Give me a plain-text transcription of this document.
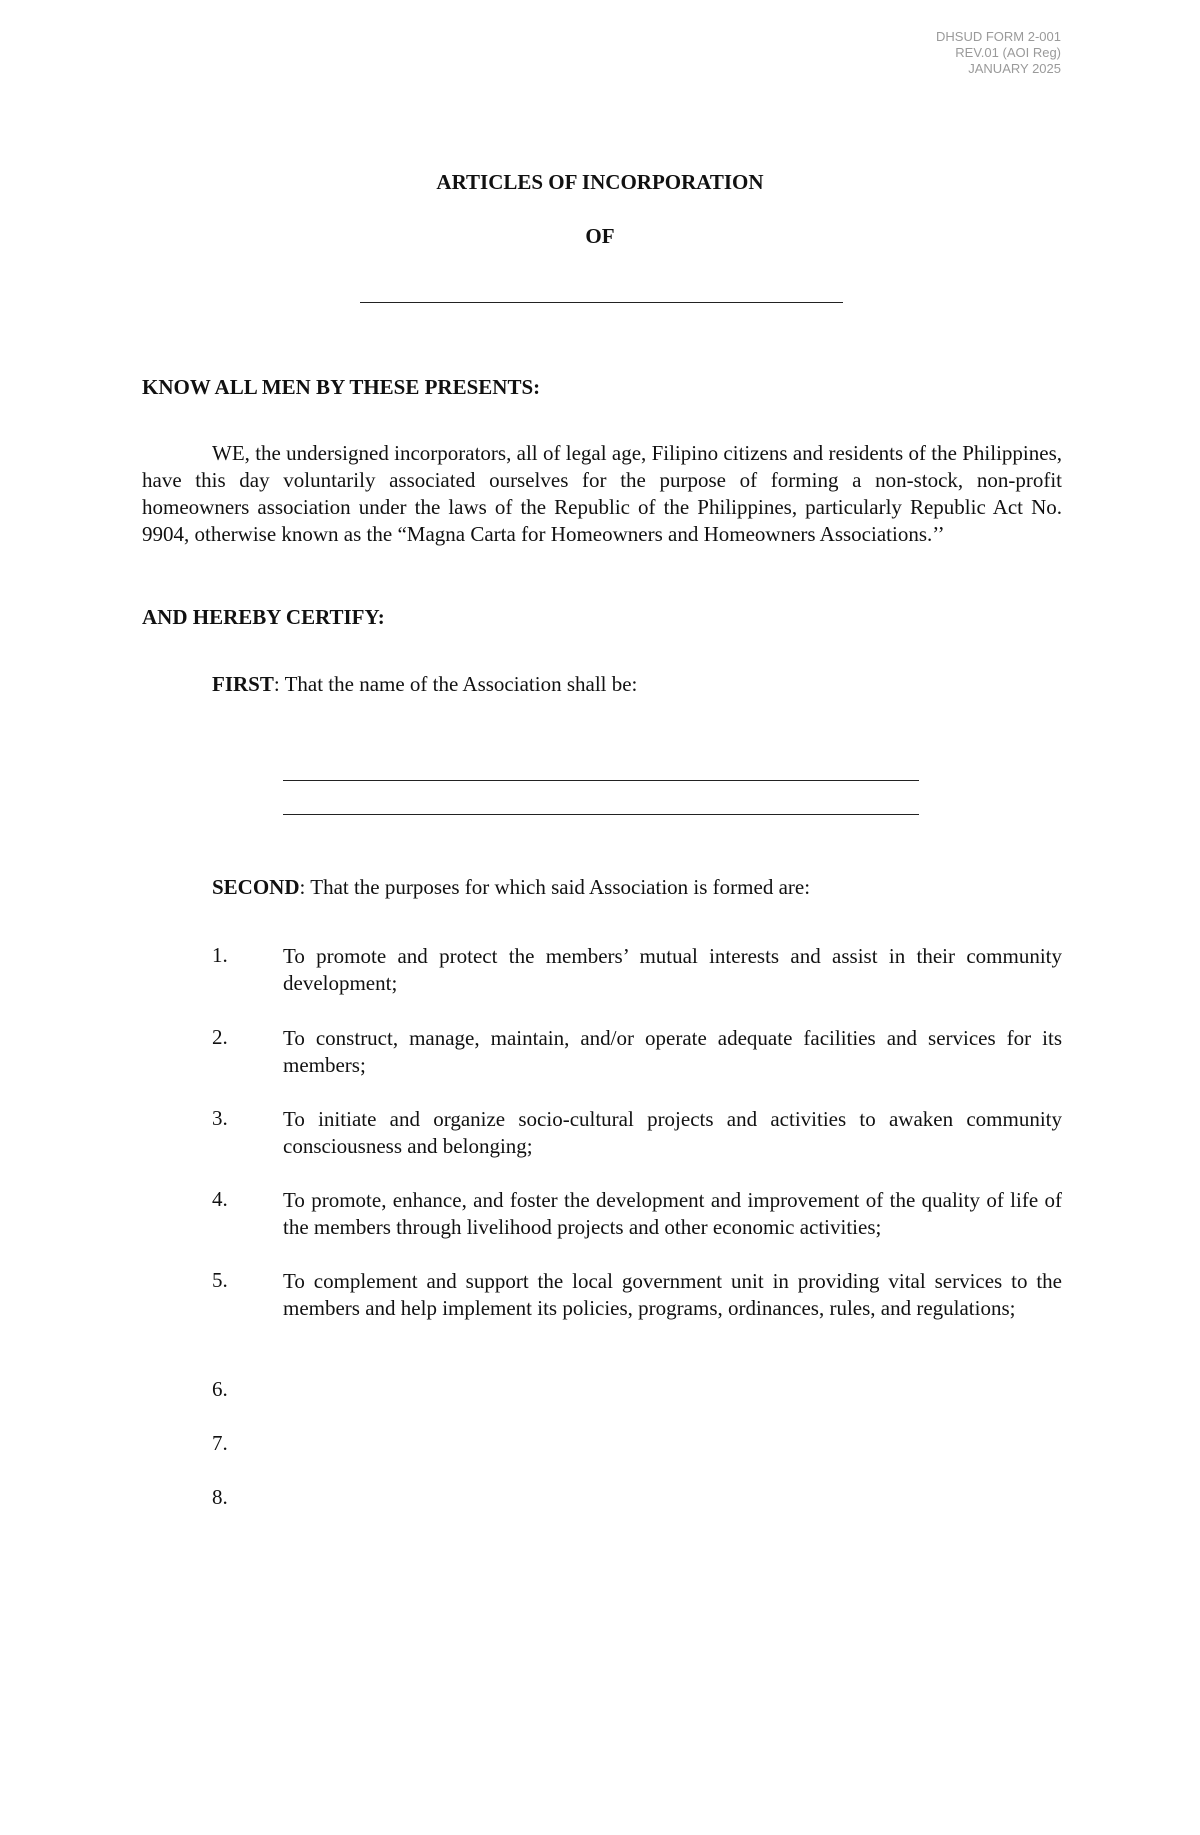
DHSUD FORM 2-001
REV.01 (AOI Reg)
JANUARY 2025
ARTICLES OF INCORPORATION
OF
KNOW ALL MEN BY THESE PRESENTS:

WE, the undersigned incorporators, all of legal age, Filipino citizens and residents of the Philippines, have this day voluntarily associated ourselves for the purpose of forming a non-stock, non-profit homeowners association under the laws of the Republic of the Philippines, particularly Republic Act No. 9904, otherwise known as the “Magna Carta for Homeowners and Homeowners Associations.’’

AND HEREBY CERTIFY:
FIRST: That the name of the Association shall be:
SECOND: That the purposes for which said Association is formed are:
1.	To promote and protect the members’ mutual interests and assist in their community development;

2.	To construct, manage, maintain, and/or operate adequate facilities and services for its members;

3.	To initiate and organize socio-cultural projects and activities to awaken community consciousness and belonging;

4.	To promote, enhance, and foster the development and improvement of the quality of life of the members through livelihood projects and other economic activities;

5.	To complement and support the local government unit in providing vital services to the members and help implement its policies, programs, ordinances, rules, and regulations;

6.

7.

8.
